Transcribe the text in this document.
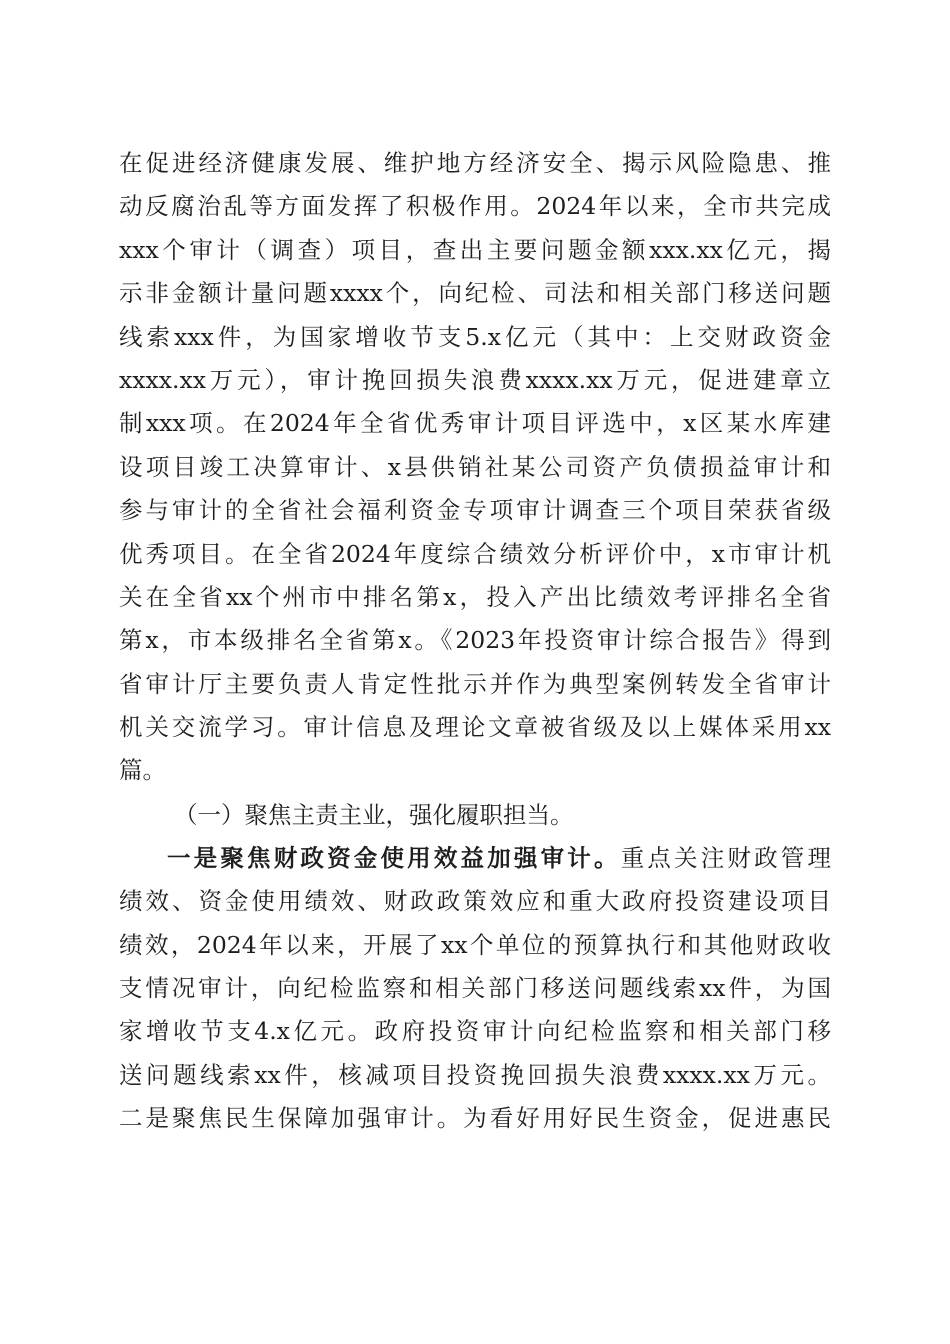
在促进经济健康发展、维护地方经济安全、揭示风险隐患、推
动反腐治乱等方面发挥了积极作用。2024年以来，全市共完成
xxx个审计（调查）项目，查出主要问题金额xxx.xx亿元，揭
示非金额计量问题xxxx个，向纪检、司法和相关部门移送问题
线索xxx件，为国家增收节支5.x亿元（其中：上交财政资金
xxxx.xx万元），审计挽回损失浪费xxxx.xx万元，促进建章立
制xxx项。在2024年全省优秀审计项目评选中，x区某水库建
设项目竣工决算审计、x县供销社某公司资产负债损益审计和
参与审计的全省社会福利资金专项审计调查三个项目荣获省级
优秀项目。在全省2024年度综合绩效分析评价中，x市审计机
关在全省xx个州市中排名第x，投入产出比绩效考评排名全省
第x，市本级排名全省第x。《2023年投资审计综合报告》得到
省审计厅主要负责人肯定性批示并作为典型案例转发全省审计
机关交流学习。审计信息及理论文章被省级及以上媒体采用xx
篇。
（一）聚焦主责主业，强化履职担当。
一是聚焦财政资金使用效益加强审计。重点关注财政管理
绩效、资金使用绩效、财政政策效应和重大政府投资建设项目
绩效，2024年以来，开展了xx个单位的预算执行和其他财政收
支情况审计，向纪检监察和相关部门移送问题线索xx件，为国
家增收节支4.x亿元。政府投资审计向纪检监察和相关部门移
送问题线索xx件，核减项目投资挽回损失浪费xxxx.xx万元。
二是聚焦民生保障加强审计。为看好用好民生资金，促进惠民
